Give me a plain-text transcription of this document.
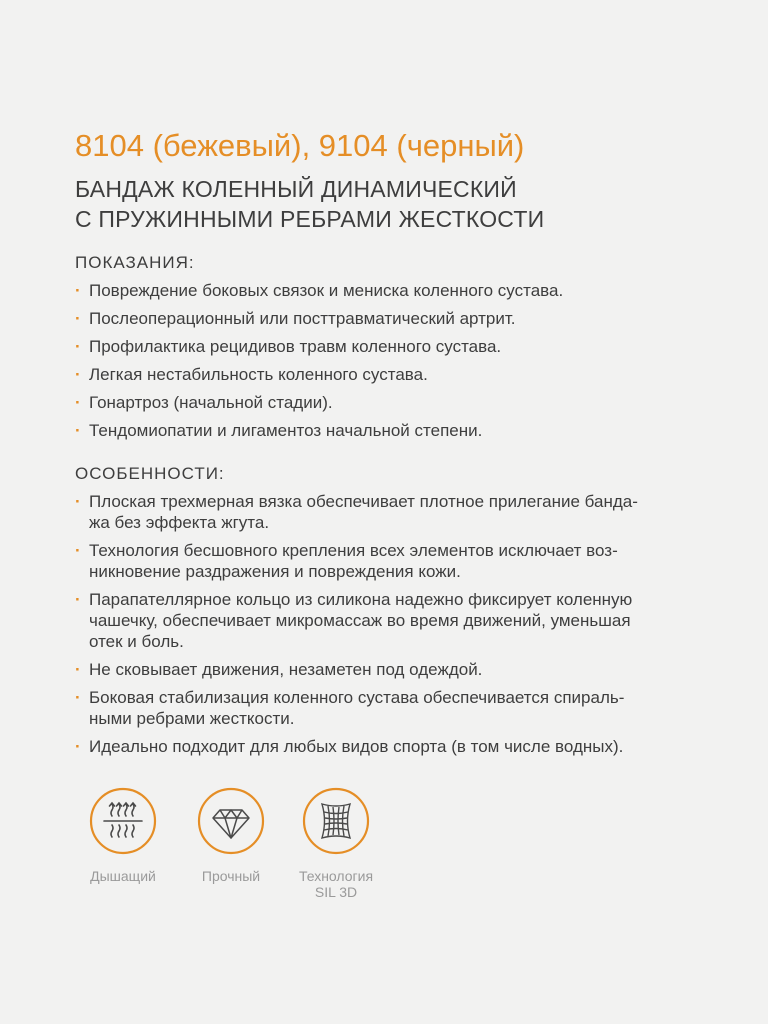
8104 (бежевый), 9104 (черный)
БАНДАЖ КОЛЕННЫЙ ДИНАМИЧЕСКИЙ
С ПРУЖИННЫМИ РЕБРАМИ ЖЕСТКОСТИ
ПОКАЗАНИЯ:
· Повреждение боковых связок и мениска коленного сустава.
· Послеоперационный или посттравматический артрит.
· Профилактика рецидивов травм коленного сустава.
· Легкая нестабильность коленного сустава.
· Гонартроз (начальной стадии).
· Тендомиопатии и лигаментоз начальной степени.
ОСОБЕННОСТИ:
· Плоская трехмерная вязка обеспечивает плотное прилегание банда-
жа без эффекта жгута.
· Технология бесшовного крепления всех элементов исключает воз-
никновение раздражения и повреждения кожи.
· Парапателлярное кольцо из силикона надежно фиксирует коленную
чашечку, обеспечивает микромассаж во время движений, уменьшая
отек и боль.
· Не сковывает движения, незаметен под одеждой.
· Боковая стабилизация коленного сустава обеспечивается спираль-
ными ребрами жесткости.
· Идеально подходит для любых видов спорта (в том числе водных).
Дышащий	Прочный	Технология
SIL 3D
